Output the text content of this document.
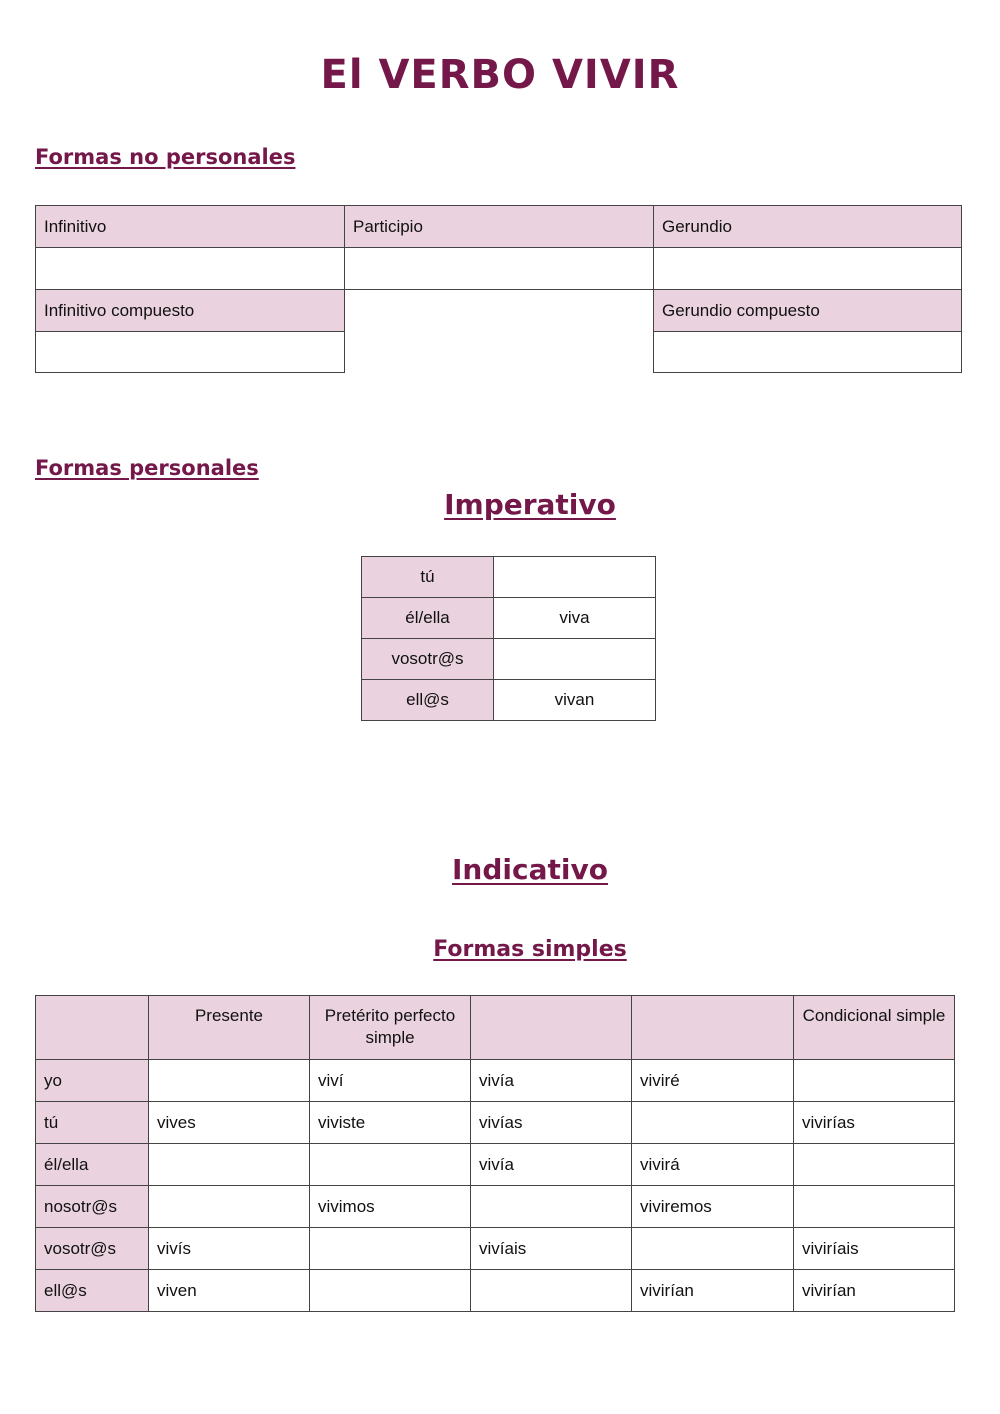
El VERBO VIVIR
Formas no personales
Infinitivo	Participio	Gerundio
Infinitivo compuesto	Gerundio compuesto
Formas personales
Imperativo
tú	
él/ella	viva
vosotr@s	
ell@s	vivan
Indicativo
Formas simples
	Presente	Pretérito perfecto simple			Condicional simple
yo		viví	vivía	viviré	
tú	vives	viviste	vivías		vivirías
él/ella			vivía	vivirá	
nosotr@s		vivimos		viviremos	
vosotr@s	vivís		vivíais		viviríais
ell@s	viven			vivirían	vivirían
